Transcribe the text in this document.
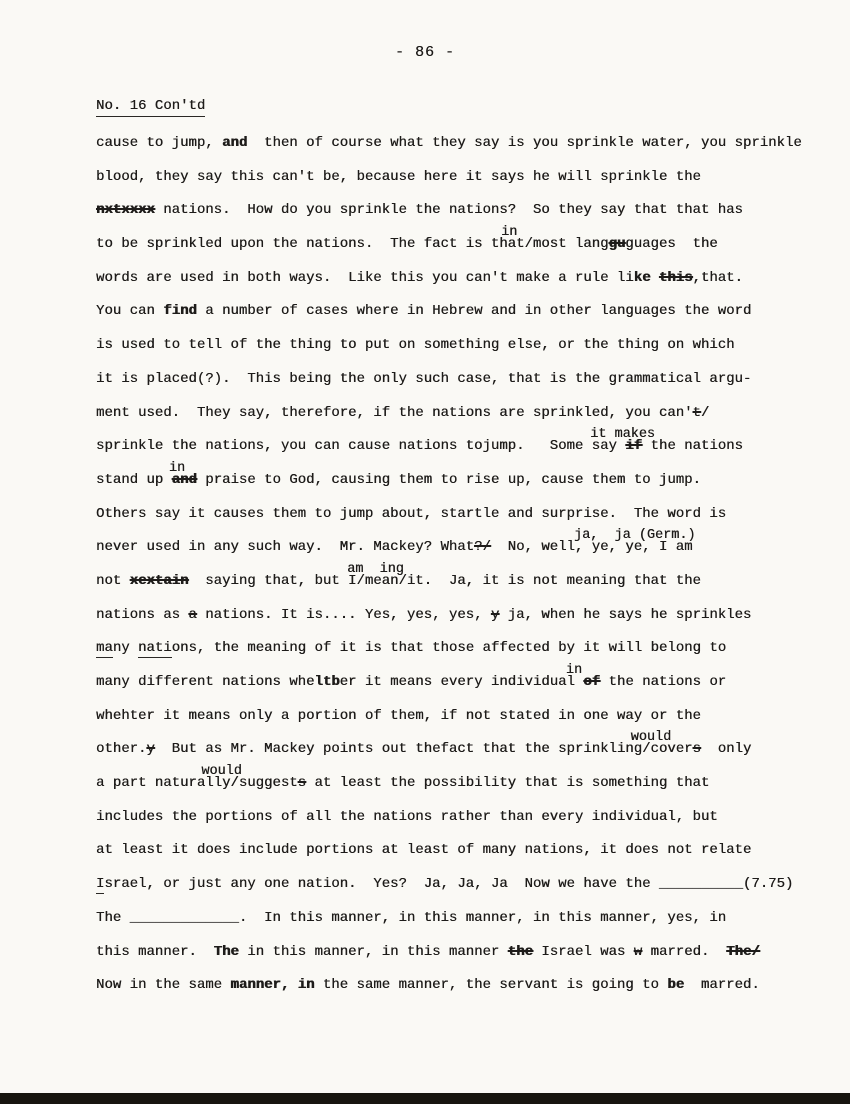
- 86 -
No. 16 Con'td
cause to jump, and  then of course what they say is you sprinkle water, you sprinkle
blood, they say this can't be, because here it says he will sprinkle the
nxtxxxx nations.  How do you sprinkle the nations?  So they say that that has
in
to be sprinkled upon the nations.  The fact is that/most langguguages  the
words are used in both ways.  Like this you can't make a rule like this,that.
You can find a number of cases where in Hebrew and in other languages the word
is used to tell of the thing to put on something else, or the thing on which
it is placed(?).  This being the only such case, that is the grammatical argu-
ment used.  They say, therefore, if the nations are sprinkled, you can't/
it makes
sprinkle the nations, you can cause nations tojump.   Some say if the nations
in
stand up and praise to God, causing them to rise up, cause them to jump.
Others say it causes them to jump about, startle and surprise.  The word is
ja,  ja (Germ.)
never used in any such way.  Mr. Mackey? What?/  No, well, ye, ye, I am
am  ing
not xextain  saying that, but I/mean/it.  Ja, it is not meaning that the
nations as a nations. It is.... Yes, yes, yes, y ja, when he says he sprinkles
many nations, the meaning of it is that those affected by it will belong to
in
many different nations wheltber it means every individual of the nations or
whehter it means only a portion of them, if not stated in one way or the
would
other.y  But as Mr. Mackey points out thefact that the sprinkling/covers  only
would
a part naturally/suggests at least the possibility that is something that
includes the portions of all the nations rather than every individual, but
at least it does include portions at least of many nations, it does not relate
Israel, or just any one nation.  Yes?  Ja, Ja, Ja  Now we have the __________(7.75)
The _____________.  In this manner, in this manner, in this manner, yes, in
this manner.  The in this manner, in this manner the Israel was w marred.  The/
Now in the same manner, in the same manner, the servant is going to be  marred.
